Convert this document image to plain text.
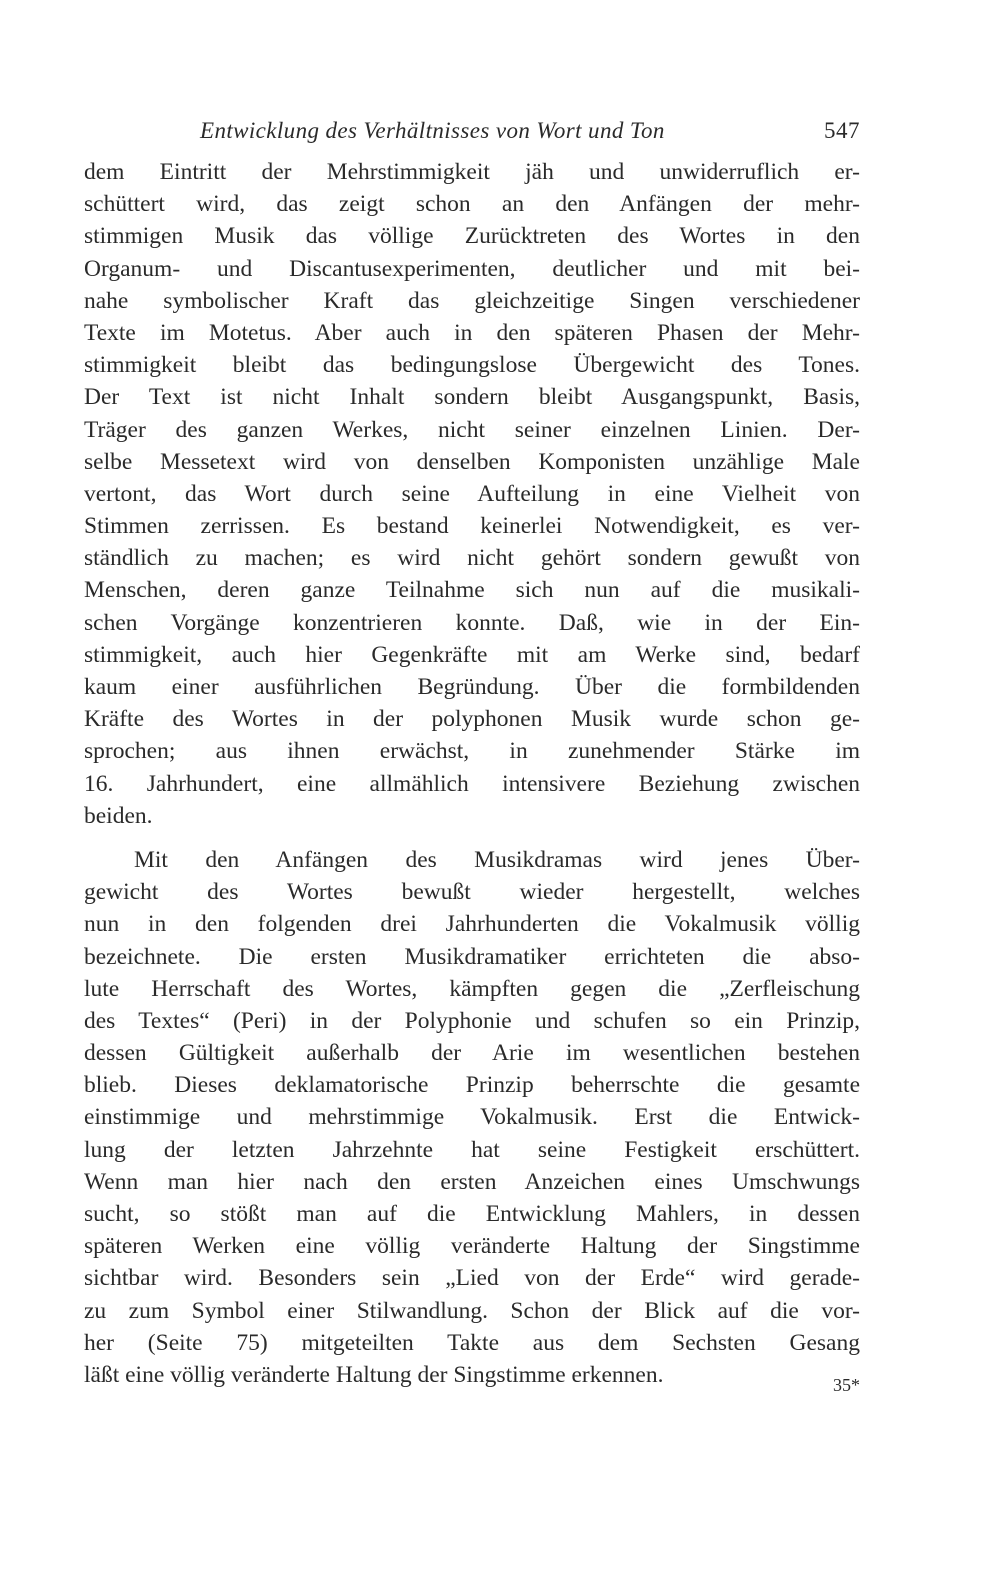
Entwicklung des Verhältnisses von Wort und Ton	547
dem Eintritt der Mehrstimmigkeit jäh und unwiderruflich er-
schüttert wird, das zeigt schon an den Anfängen der mehr-
stimmigen Musik das völlige Zurücktreten des Wortes in den
Organum- und Discantusexperimenten, deutlicher und mit bei-
nahe symbolischer Kraft das gleichzeitige Singen verschiedener
Texte im Motetus. Aber auch in den späteren Phasen der Mehr-
stimmigkeit bleibt das bedingungslose Übergewicht des Tones.
Der Text ist nicht Inhalt sondern bleibt Ausgangspunkt, Basis,
Träger des ganzen Werkes, nicht seiner einzelnen Linien. Der-
selbe Messetext wird von denselben Komponisten unzählige Male
vertont, das Wort durch seine Aufteilung in eine Vielheit von
Stimmen zerrissen. Es bestand keinerlei Notwendigkeit, es ver-
ständlich zu machen; es wird nicht gehört sondern gewußt von
Menschen, deren ganze Teilnahme sich nun auf die musikali-
schen Vorgänge konzentrieren konnte. Daß, wie in der Ein-
stimmigkeit, auch hier Gegenkräfte mit am Werke sind, bedarf
kaum einer ausführlichen Begründung. Über die formbildenden
Kräfte des Wortes in der polyphonen Musik wurde schon ge-
sprochen; aus ihnen erwächst, in zunehmender Stärke im
16. Jahrhundert, eine allmählich intensivere Beziehung zwischen
beiden.
Mit den Anfängen des Musikdramas wird jenes Über-
gewicht des Wortes bewußt wieder hergestellt, welches
nun in den folgenden drei Jahrhunderten die Vokalmusik völlig
bezeichnete. Die ersten Musikdramatiker errichteten die abso-
lute Herrschaft des Wortes, kämpften gegen die „Zerfleischung
des Textes“ (Peri) in der Polyphonie und schufen so ein Prinzip,
dessen Gültigkeit außerhalb der Arie im wesentlichen bestehen
blieb. Dieses deklamatorische Prinzip beherrschte die gesamte
einstimmige und mehrstimmige Vokalmusik. Erst die Entwick-
lung der letzten Jahrzehnte hat seine Festigkeit erschüttert.
Wenn man hier nach den ersten Anzeichen eines Umschwungs
sucht, so stößt man auf die Entwicklung Mahlers, in dessen
späteren Werken eine völlig veränderte Haltung der Singstimme
sichtbar wird. Besonders sein „Lied von der Erde“ wird gerade-
zu zum Symbol einer Stilwandlung. Schon der Blick auf die vor-
her (Seite 75) mitgeteilten Takte aus dem Sechsten Gesang
läßt eine völlig veränderte Haltung der Singstimme erkennen.	35*
